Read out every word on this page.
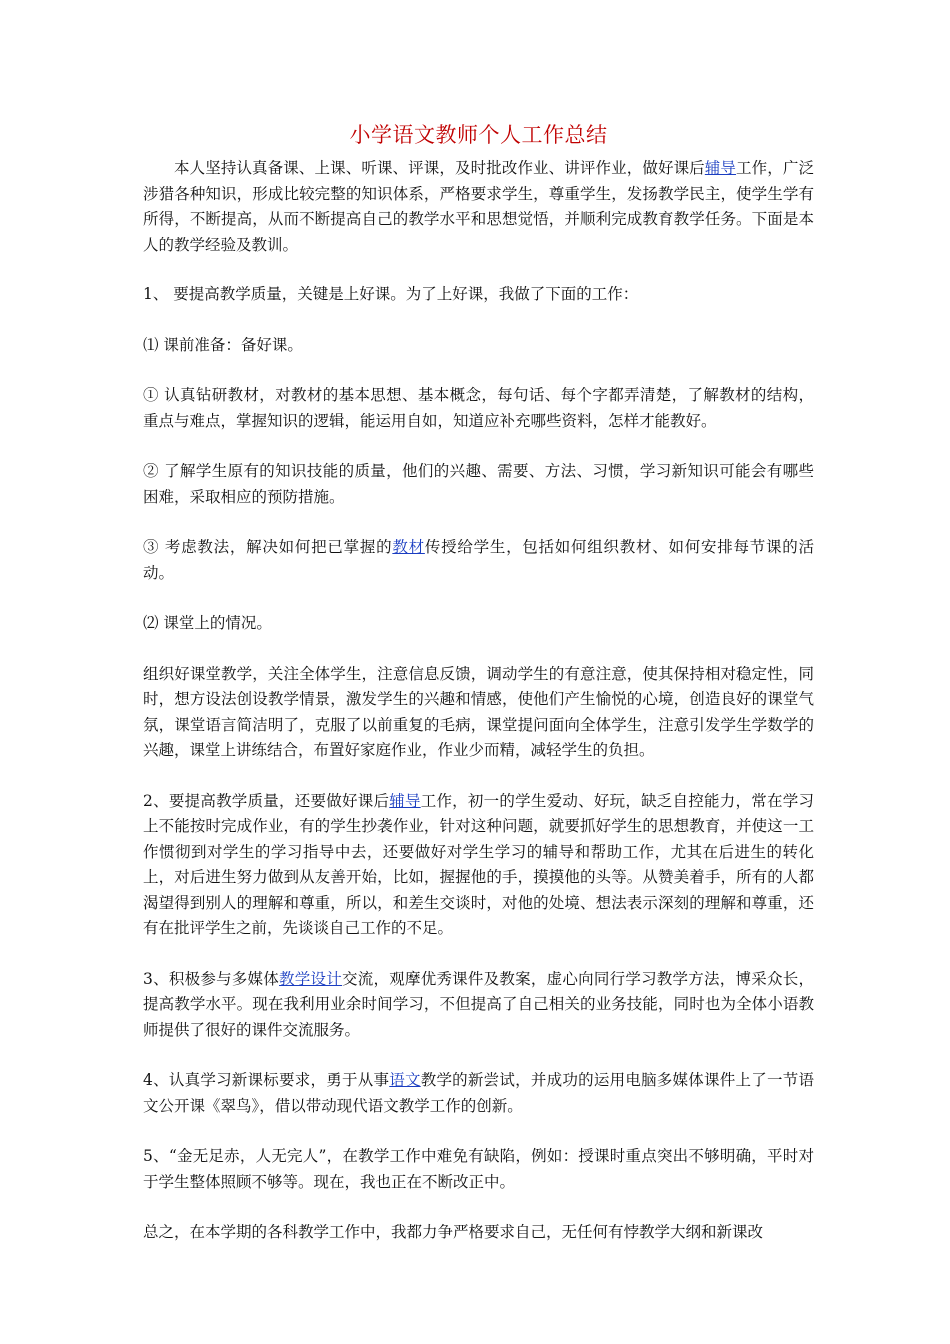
小学语文教师个人工作总结

本人坚持认真备课、上课、听课、评课，及时批改作业、讲评作业，做好课后辅导工作，广泛涉猎各种知识，形成比较完整的知识体系，严格要求学生，尊重学生，发扬教学民主，使学生学有所得，不断提高，从而不断提高自己的教学水平和思想觉悟，并顺利完成教育教学任务。下面是本人的教学经验及教训。

1、 要提高教学质量，关键是上好课。为了上好课，我做了下面的工作：

⑴ 课前准备：备好课。

① 认真钻研教材，对教材的基本思想、基本概念，每句话、每个字都弄清楚，了解教材的结构，重点与难点，掌握知识的逻辑，能运用自如，知道应补充哪些资料，怎样才能教好。

② 了解学生原有的知识技能的质量，他们的兴趣、需要、方法、习惯，学习新知识可能会有哪些困难，采取相应的预防措施。

③ 考虑教法，解决如何把已掌握的教材传授给学生，包括如何组织教材、如何安排每节课的活动。

⑵ 课堂上的情况。

组织好课堂教学，关注全体学生，注意信息反馈，调动学生的有意注意，使其保持相对稳定性，同时，想方设法创设教学情景，激发学生的兴趣和情感，使他们产生愉悦的心境，创造良好的课堂气氛，课堂语言简洁明了，克服了以前重复的毛病，课堂提问面向全体学生，注意引发学生学数学的兴趣，课堂上讲练结合，布置好家庭作业，作业少而精，减轻学生的负担。

2、要提高教学质量，还要做好课后辅导工作，初一的学生爱动、好玩，缺乏自控能力，常在学习上不能按时完成作业，有的学生抄袭作业，针对这种问题，就要抓好学生的思想教育，并使这一工作惯彻到对学生的学习指导中去，还要做好对学生学习的辅导和帮助工作，尤其在后进生的转化上，对后进生努力做到从友善开始，比如，握握他的手，摸摸他的头等。从赞美着手，所有的人都渴望得到别人的理解和尊重，所以，和差生交谈时，对他的处境、想法表示深刻的理解和尊重，还有在批评学生之前，先谈谈自己工作的不足。

3、积极参与多媒体教学设计交流，观摩优秀课件及教案，虚心向同行学习教学方法，博采众长，提高教学水平。现在我利用业余时间学习，不但提高了自己相关的业务技能，同时也为全体小语教师提供了很好的课件交流服务。

4、认真学习新课标要求，勇于从事语文教学的新尝试，并成功的运用电脑多媒体课件上了一节语文公开课《翠鸟》，借以带动现代语文教学工作的创新。

5、“金无足赤，人无完人”，在教学工作中难免有缺陷，例如：授课时重点突出不够明确，平时对于学生整体照顾不够等。现在，我也正在不断改正中。

总之，在本学期的各科教学工作中，我都力争严格要求自己，无任何有悖教学大纲和新课改
